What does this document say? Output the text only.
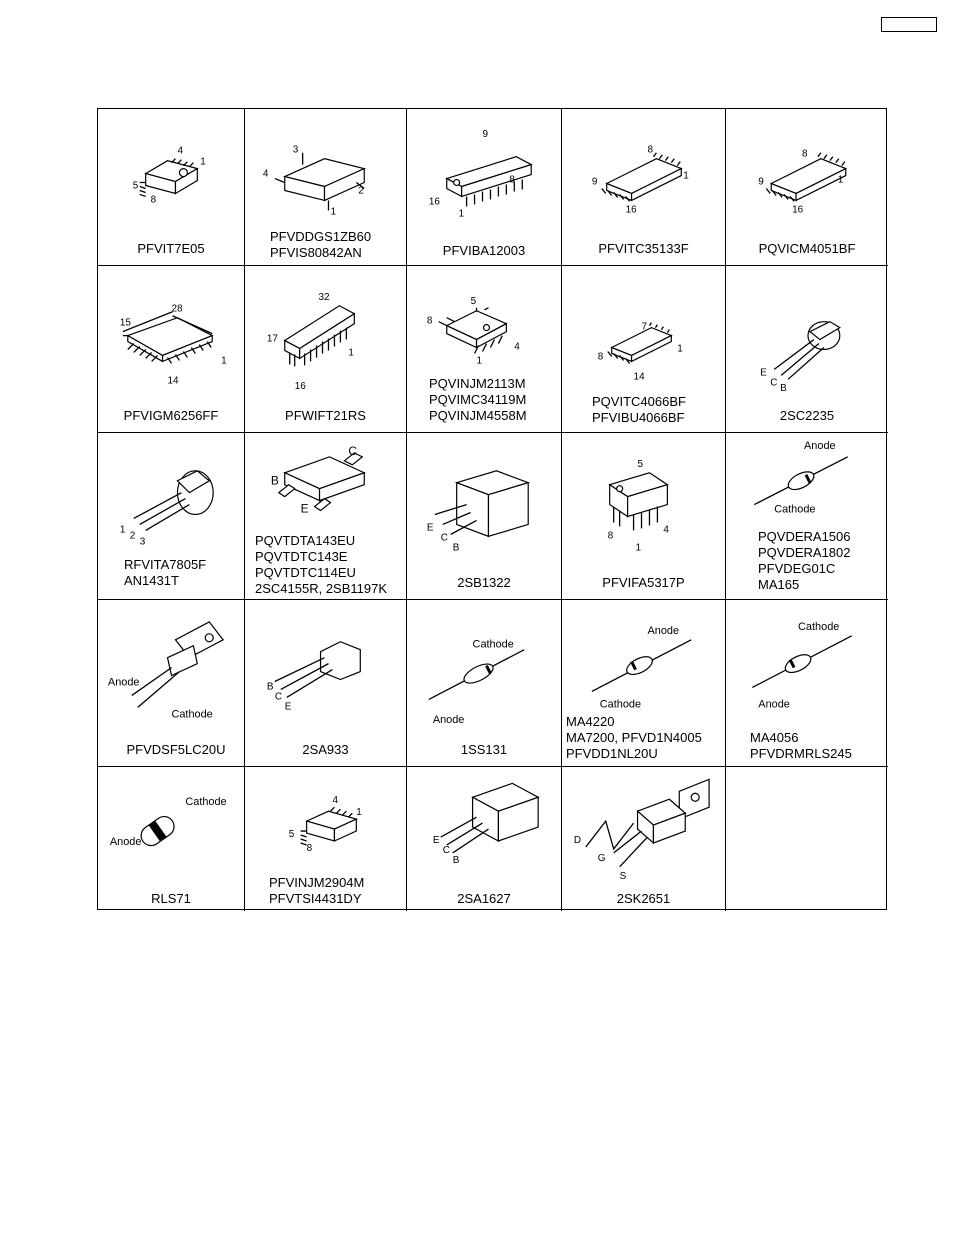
4
1
5
8
PFVIT7E05
3
4
2
1
PFVDDGS1ZB60
PFVIS80842AN
9
8
16
1
PFVIBA12003
8
9
1
16
PFVITC35133F
8
9	1
16
PQVICM4051BF
28
15
1
14
PFVIGM6256FF
32
17
1
16
PFWIFT21RS
5
8
4
1
PQVINJM2113M
PQVIMC34119M
PQVINJM4558M
7
8
1
14
PQVITC4066BF
PFVIBU4066BF
E
C
B
2SC2235
1
2
3
RFVITA7805F
AN1431T
C
B
E
PQVTDTA143EU
PQVTDTC143E
PQVTDTC114EU
2SC4155R, 2SB1197K
E
C
B
2SB1322
5
8
4
1
PFVIFA5317P
Anode
Cathode
PQVDERA1506
PQVDERA1802
PFVDEG01C
MA165
Anode
Cathode
PFVDSF5LC20U
B
C
E
2SA933
Cathode
Anode
1SS131
Anode
Cathode
MA4220
MA7200, PFVD1N4005
PFVDD1NL20U
Cathode
Anode
MA4056
PFVDRMRLS245
Cathode
Anode
RLS71
4
1
5
8
PFVINJM2904M
PFVTSI4431DY
E
C
B
2SA1627
D
G
S
2SK2651
